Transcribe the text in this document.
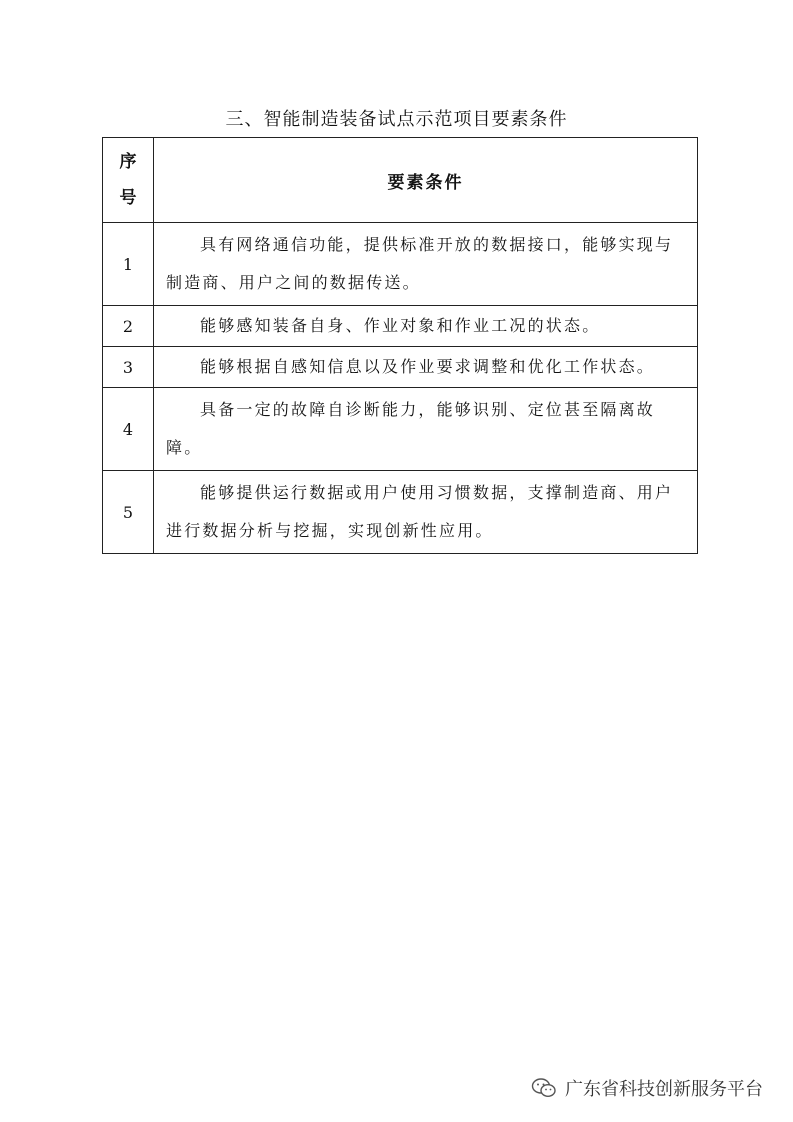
三、智能制造装备试点示范项目要素条件
序
号	要素条件
1	具有网络通信功能，提供标准开放的数据接口，能够实现与制造商、用户之间的数据传送。
2	能够感知装备自身、作业对象和作业工况的状态。
3	能够根据自感知信息以及作业要求调整和优化工作状态。
4	具备一定的故障自诊断能力，能够识别、定位甚至隔离故障。
5	能够提供运行数据或用户使用习惯数据，支撑制造商、用户进行数据分析与挖掘，实现创新性应用。
广东省科技创新服务平台
